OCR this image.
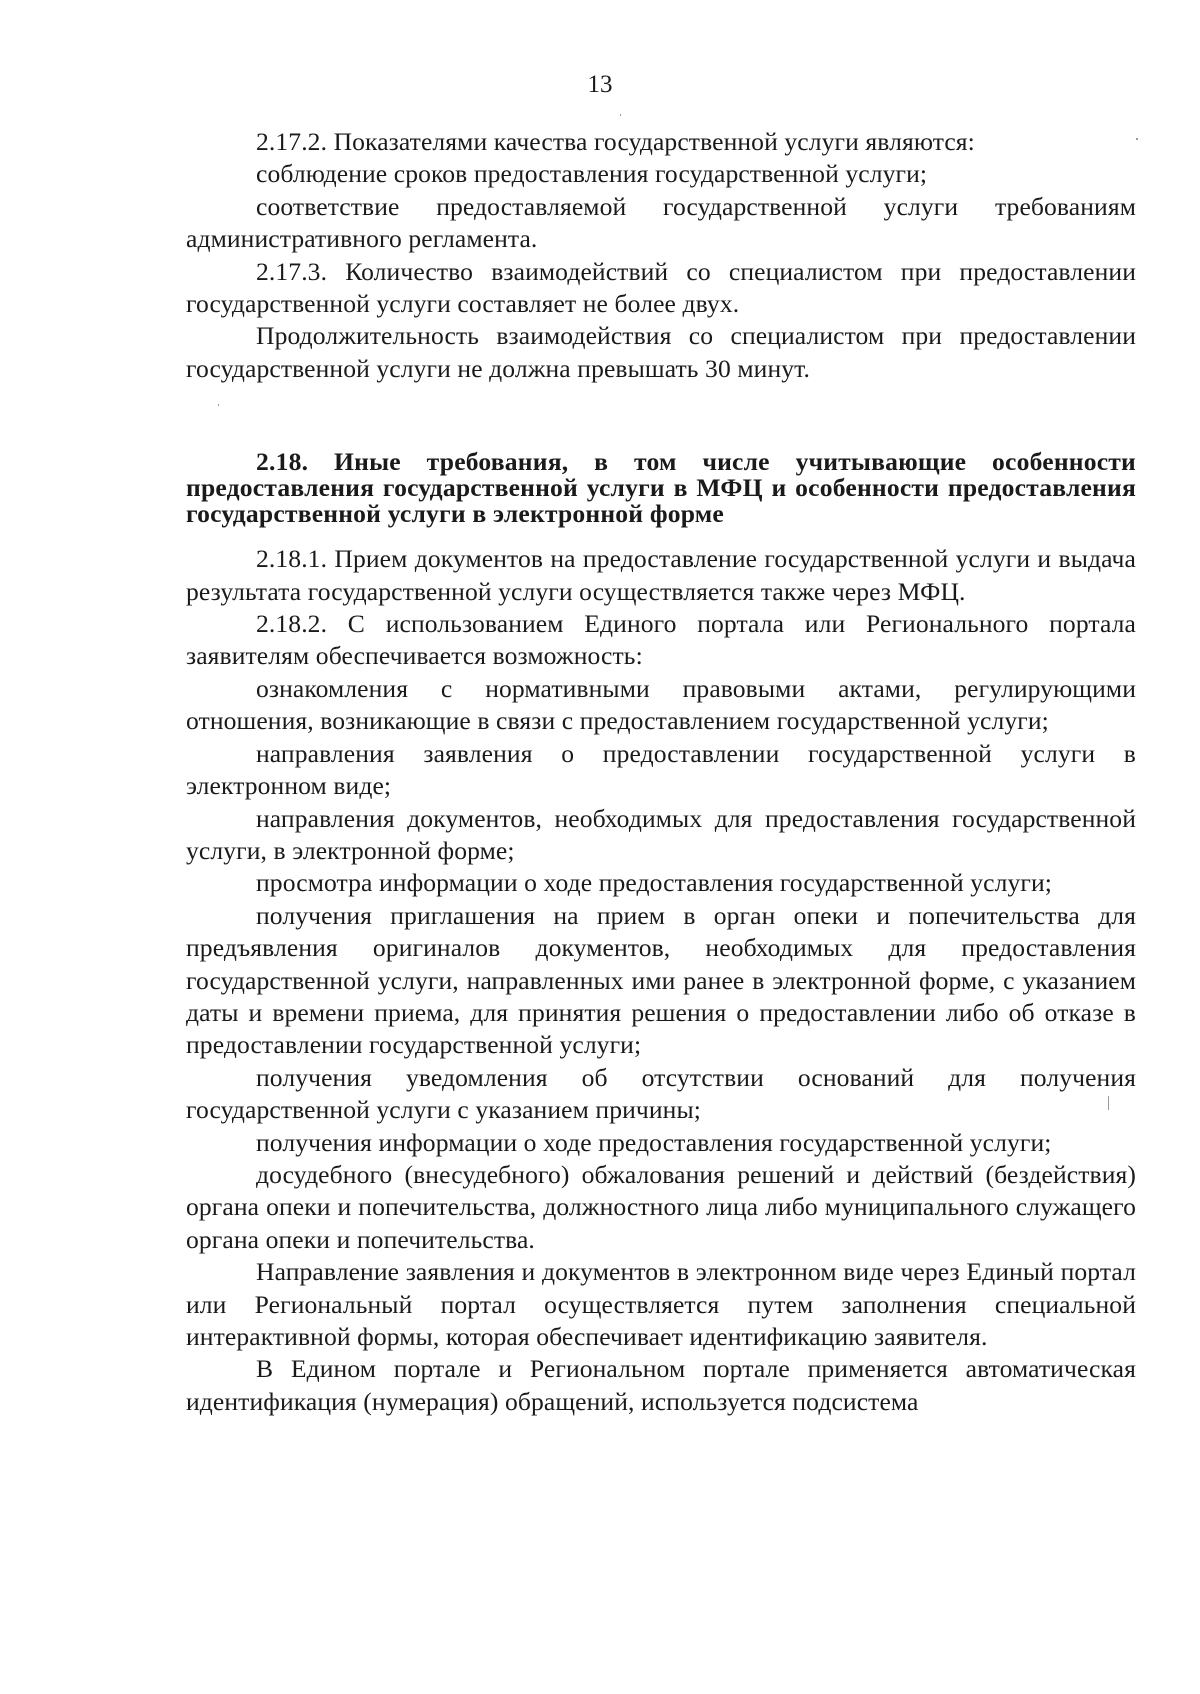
13

2.17.2. Показателями качества государственной услуги являются:

соблюдение сроков предоставления государственной услуги;

соответствие предоставляемой государственной услуги требованиям административного регламента.

2.17.3. Количество взаимодействий со специалистом при предоставлении государственной услуги составляет не более двух.

Продолжительность взаимодействия со специалистом при предоставлении государственной услуги не должна превышать 30 минут.

2.18. Иные требования, в том числе учитывающие особенности предоставления государственной услуги в МФЦ и особенности предоставления государственной услуги в электронной форме

2.18.1. Прием документов на предоставление государственной услуги и выдача результата государственной услуги осуществляется также через МФЦ.

2.18.2. С использованием Единого портала или Регионального портала заявителям обеспечивается возможность:

ознакомления с нормативными правовыми актами, регулирующими отношения, возникающие в связи с предоставлением государственной услуги;

направления заявления о предоставлении государственной услуги в электронном виде;

направления документов, необходимых для предоставления государственной услуги, в электронной форме;

просмотра информации о ходе предоставления государственной услуги;

получения приглашения на прием в орган опеки и попечительства для предъявления оригиналов документов, необходимых для предоставления государственной услуги, направленных ими ранее в электронной форме, с указанием даты и времени приема, для принятия решения о предоставлении либо об отказе в предоставлении государственной услуги;

получения уведомления об отсутствии оснований для получения государственной услуги с указанием причины;

получения информации о ходе предоставления государственной услуги;

досудебного (внесудебного) обжалования решений и действий (бездействия) органа опеки и попечительства, должностного лица либо муниципального служащего органа опеки и попечительства.

Направление заявления и документов в электронном виде через Единый портал или Региональный портал осуществляется путем заполнения специальной интерактивной формы, которая обеспечивает идентификацию заявителя.

В Едином портале и Региональном портале применяется автоматическая идентификация (нумерация) обращений, используется подсистема
